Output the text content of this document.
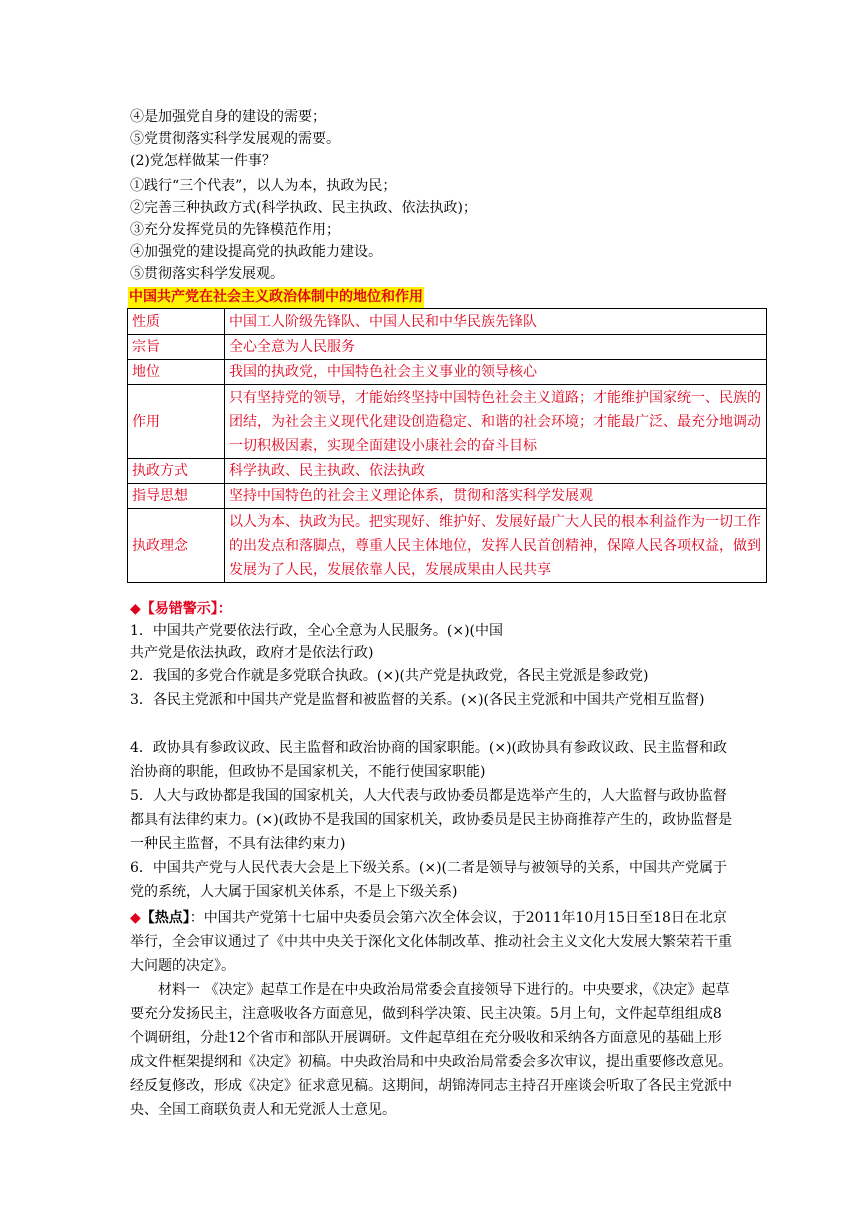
④是加强党自身的建设的需要；
⑤党贯彻落实科学发展观的需要。
(2)党怎样做某一件事？
①践行“三个代表”，以人为本，执政为民；
②完善三种执政方式(科学执政、民主执政、依法执政)；
③充分发挥党员的先锋模范作用；
④加强党的建设提高党的执政能力建设。
⑤贯彻落实科学发展观。
中国共产党在社会主义政治体制中的地位和作用
性质	中国工人阶级先锋队、中国人民和中华民族先锋队
宗旨	全心全意为人民服务
地位	我国的执政党，中国特色社会主义事业的领导核心
作用	只有坚持党的领导，才能始终坚持中国特色社会主义道路；才能维护国家统一、民族的团结，为社会主义现代化建设创造稳定、和谐的社会环境；才能最广泛、最充分地调动一切积极因素，实现全面建设小康社会的奋斗目标
执政方式	科学执政、民主执政、依法执政
指导思想	坚持中国特色的社会主义理论体系，贯彻和落实科学发展观
执政理念	以人为本、执政为民。把实现好、维护好、发展好最广大人民的根本利益作为一切工作的出发点和落脚点，尊重人民主体地位，发挥人民首创精神，保障人民各项权益，做到发展为了人民，发展依靠人民，发展成果由人民共享
◆【易错警示】：
1．中国共产党要依法行政，全心全意为人民服务。(×)(中国
共产党是依法执政，政府才是依法行政)
2．我国的多党合作就是多党联合执政。(×)(共产党是执政党，各民主党派是参政党)
3．各民主党派和中国共产党是监督和被监督的关系。(×)(各民主党派和中国共产党相互监督)
4．政协具有参政议政、民主监督和政治协商的国家职能。(×)(政协具有参政议政、民主监督和政治协商的职能，但政协不是国家机关，不能行使国家职能)
5．人大与政协都是我国的国家机关，人大代表与政协委员都是选举产生的，人大监督与政协监督都具有法律约束力。(×)(政协不是我国的国家机关，政协委员是民主协商推荐产生的，政协监督是一种民主监督，不具有法律约束力)
6．中国共产党与人民代表大会是上下级关系。(×)(二者是领导与被领导的关系，中国共产党属于党的系统，人大属于国家机关体系，不是上下级关系)
◆【热点】：中国共产党第十七届中央委员会第六次全体会议，于2011年10月15日至18日在北京举行，全会审议通过了《中共中央关于深化文化体制改革、推动社会主义文化大发展大繁荣若干重大问题的决定》。
材料一 《决定》起草工作是在中央政治局常委会直接领导下进行的。中央要求，《决定》起草要充分发扬民主，注意吸收各方面意见，做到科学决策、民主决策。5月上旬，文件起草组组成8个调研组，分赴12个省市和部队开展调研。文件起草组在充分吸收和采纳各方面意见的基础上形成文件框架提纲和《决定》初稿。中央政治局和中央政治局常委会多次审议，提出重要修改意见。经反复修改，形成《决定》征求意见稿。这期间，胡锦涛同志主持召开座谈会听取了各民主党派中央、全国工商联负责人和无党派人士意见。
